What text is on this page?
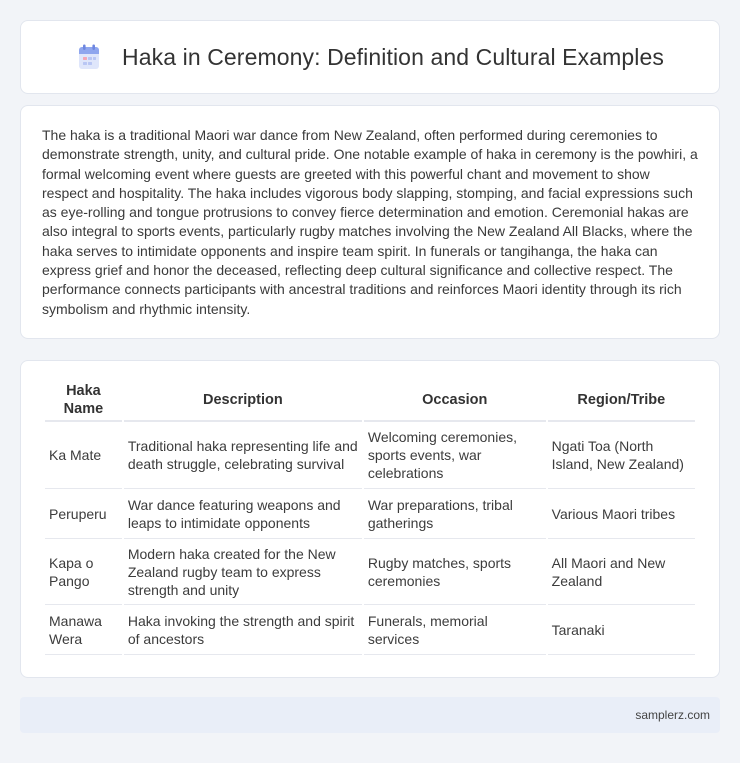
Haka in Ceremony: Definition and Cultural Examples

The haka is a traditional Maori war dance from New Zealand, often performed during ceremonies to demonstrate strength, unity, and cultural pride. One notable example of haka in ceremony is the powhiri, a formal welcoming event where guests are greeted with this powerful chant and movement to show respect and hospitality. The haka includes vigorous body slapping, stomping, and facial expressions such as eye-rolling and tongue protrusions to convey fierce determination and emotion. Ceremonial hakas are also integral to sports events, particularly rugby matches involving the New Zealand All Blacks, where the haka serves to intimidate opponents and inspire team spirit. In funerals or tangihanga, the haka can express grief and honor the deceased, reflecting deep cultural significance and collective respect. The performance connects participants with ancestral traditions and reinforces Maori identity through its rich symbolism and rhythmic intensity.

Haka Name	Description	Occasion	Region/Tribe
Ka Mate	Traditional haka representing life and death struggle, celebrating survival	Welcoming ceremonies, sports events, war celebrations	Ngati Toa (North Island, New Zealand)
Peruperu	War dance featuring weapons and leaps to intimidate opponents	War preparations, tribal gatherings	Various Maori tribes
Kapa o Pango	Modern haka created for the New Zealand rugby team to express strength and unity	Rugby matches, sports ceremonies	All Maori and New Zealand
Manawa Wera	Haka invoking the strength and spirit of ancestors	Funerals, memorial services	Taranaki
samplerz.com
